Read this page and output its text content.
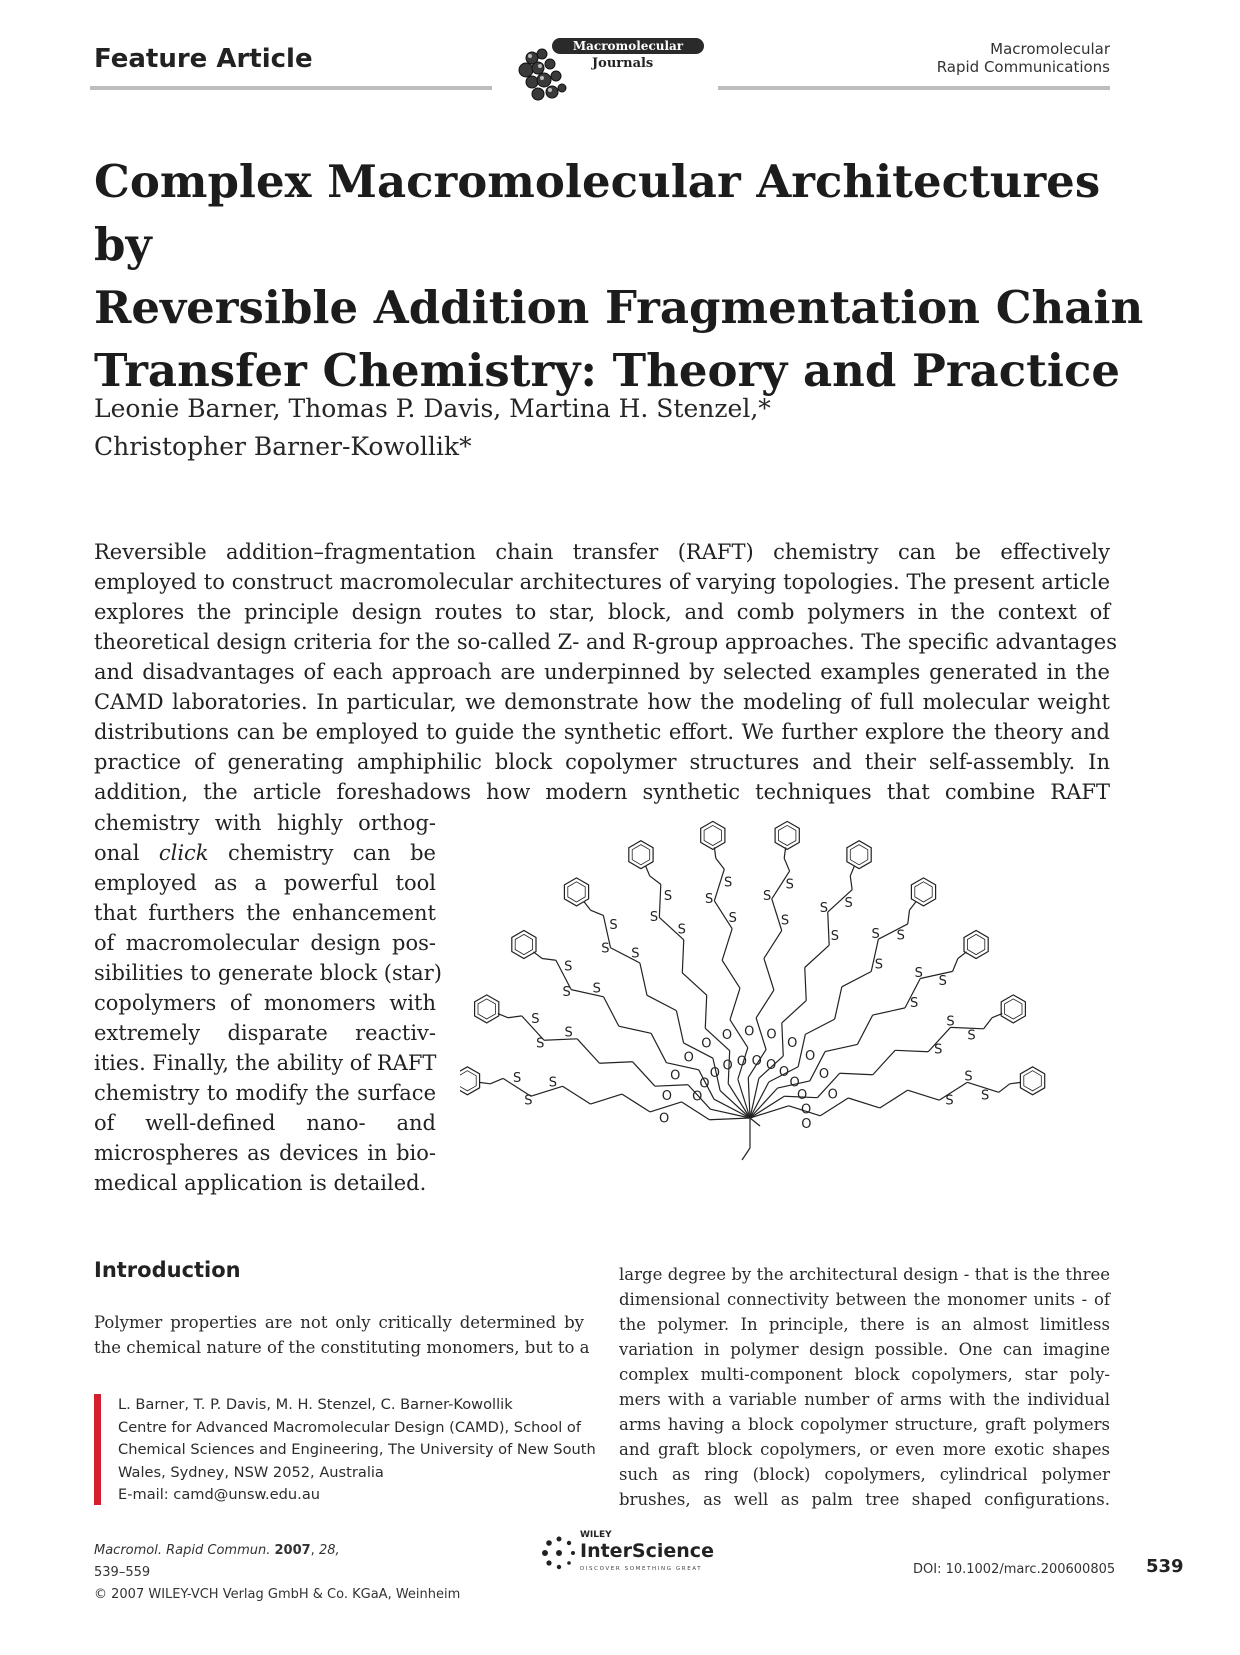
Feature Article	Macromolecular
Journals
Macromolecular
Rapid Communications
Complex Macromolecular Architectures by
Reversible Addition Fragmentation Chain
Transfer Chemistry: Theory and Practice
Leonie Barner, Thomas P. Davis, Martina H. Stenzel,*
Christopher Barner-Kowollik*
Reversible addition–fragmentation chain transfer (RAFT) chemistry can be effectively
employed to construct macromolecular architectures of varying topologies. The present article
explores the principle design routes to star, block, and comb polymers in the context of
theoretical design criteria for the so-called Z- and R-group approaches. The specific advantages
and disadvantages of each approach are underpinned by selected examples generated in the
CAMD laboratories. In particular, we demonstrate how the modeling of full molecular weight
distributions can be employed to guide the synthetic effort. We further explore the theory and
practice of generating amphiphilic block copolymer structures and their self-assembly. In
addition, the article foreshadows how modern synthetic techniques that combine RAFT
chemistry with highly orthog-
onal click chemistry can be
employed as a powerful tool
that furthers the enhancement
of macromolecular design pos-
sibilities to generate block (star)
copolymers of monomers with
extremely disparate reactiv-
ities. Finally, the ability of RAFT
chemistry to modify the surface
of well-defined nano- and
microspheres as devices in bio-
medical application is detailed.
O
O
S
S
S	O
O
S
S
S
O
O
S
S
S
O
O
S
S
S
O
O
S
S
S
O
O
S
S
S
O
O
S
S
S
O
O
S
S S
O
O
S
S S
O
O
S
S
S
O
O
S
S
S
O
O	S
S
S
Introduction
Polymer properties are not only critically determined by
the chemical nature of the constituting monomers, but to a
large degree by the architectural design - that is the three
dimensional connectivity between the monomer units - of
the polymer. In principle, there is an almost limitless
variation in polymer design possible. One can imagine
complex multi-component block copolymers, star poly-
mers with a variable number of arms with the individual
arms having a block copolymer structure, graft polymers
and graft block copolymers, or even more exotic shapes
such as ring (block) copolymers, cylindrical polymer
brushes, as well as palm tree shaped configurations.
L. Barner, T. P. Davis, M. H. Stenzel, C. Barner-Kowollik
Centre for Advanced Macromolecular Design (CAMD), School of
Chemical Sciences and Engineering, The University of New South
Wales, Sydney, NSW 2052, Australia
E-mail: camd@unsw.edu.au
Macromol. Rapid Commun. 2007, 28,
539–559
© 2007 WILEY-VCH Verlag GmbH & Co. KGaA, Weinheim
WILEY
InterScience
DISCOVER SOMETHING GREAT	DOI: 10.1002/marc.200600805 539
